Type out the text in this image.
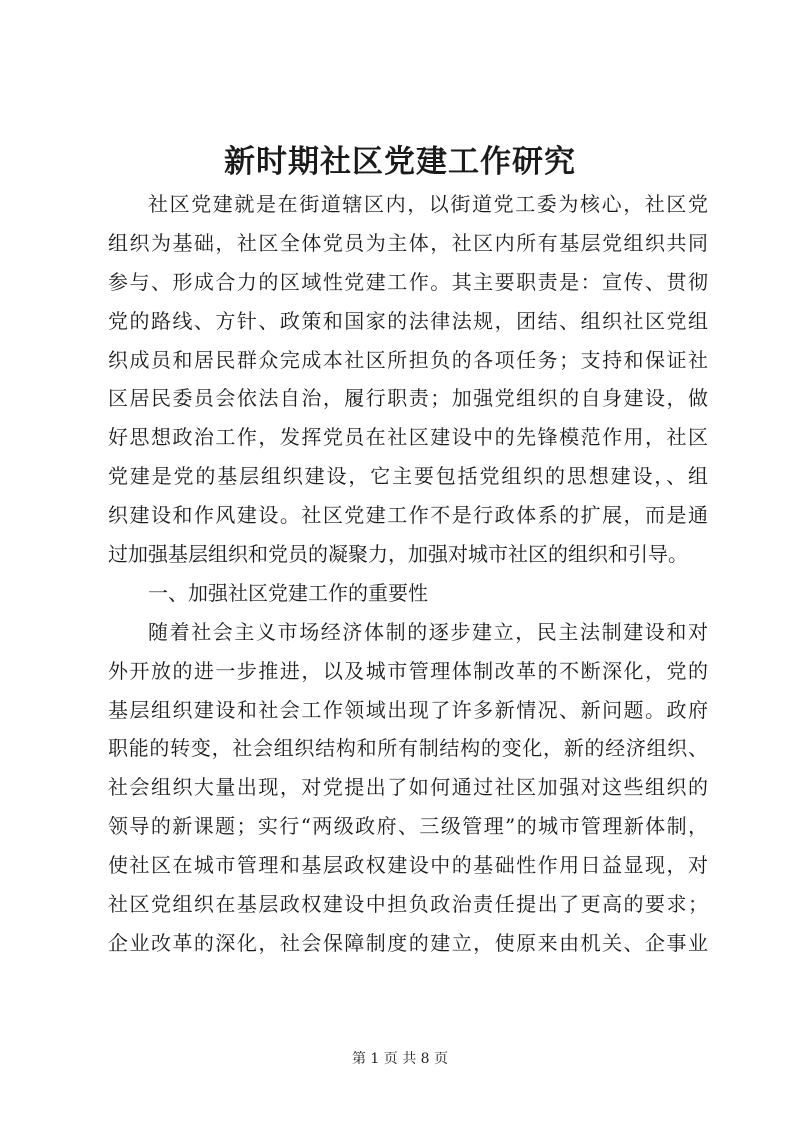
新时期社区党建工作研究
社区党建就是在街道辖区内，以街道党工委为核心，社区党
组织为基础，社区全体党员为主体，社区内所有基层党组织共同
参与、形成合力的区域性党建工作。其主要职责是：宣传、贯彻
党的路线、方针、政策和国家的法律法规，团结、组织社区党组
织成员和居民群众完成本社区所担负的各项任务；支持和保证社
区居民委员会依法自治，履行职责；加强党组织的自身建设，做
好思想政治工作，发挥党员在社区建设中的先锋模范作用，社区
党建是党的基层组织建设，它主要包括党组织的思想建设，、组
织建设和作风建设。社区党建工作不是行政体系的扩展，而是通
过加强基层组织和党员的凝聚力，加强对城市社区的组织和引导。
一、加强社区党建工作的重要性
随着社会主义市场经济体制的逐步建立，民主法制建设和对
外开放的进一步推进，以及城市管理体制改革的不断深化，党的
基层组织建设和社会工作领域出现了许多新情况、新问题。政府
职能的转变，社会组织结构和所有制结构的变化，新的经济组织、
社会组织大量出现，对党提出了如何通过社区加强对这些组织的
领导的新课题；实行“两级政府、三级管理”的城市管理新体制，
使社区在城市管理和基层政权建设中的基础性作用日益显现，对
社区党组织在基层政权建设中担负政治责任提出了更高的要求；
企业改革的深化，社会保障制度的建立，使原来由机关、企事业
第 1 页 共 8 页
